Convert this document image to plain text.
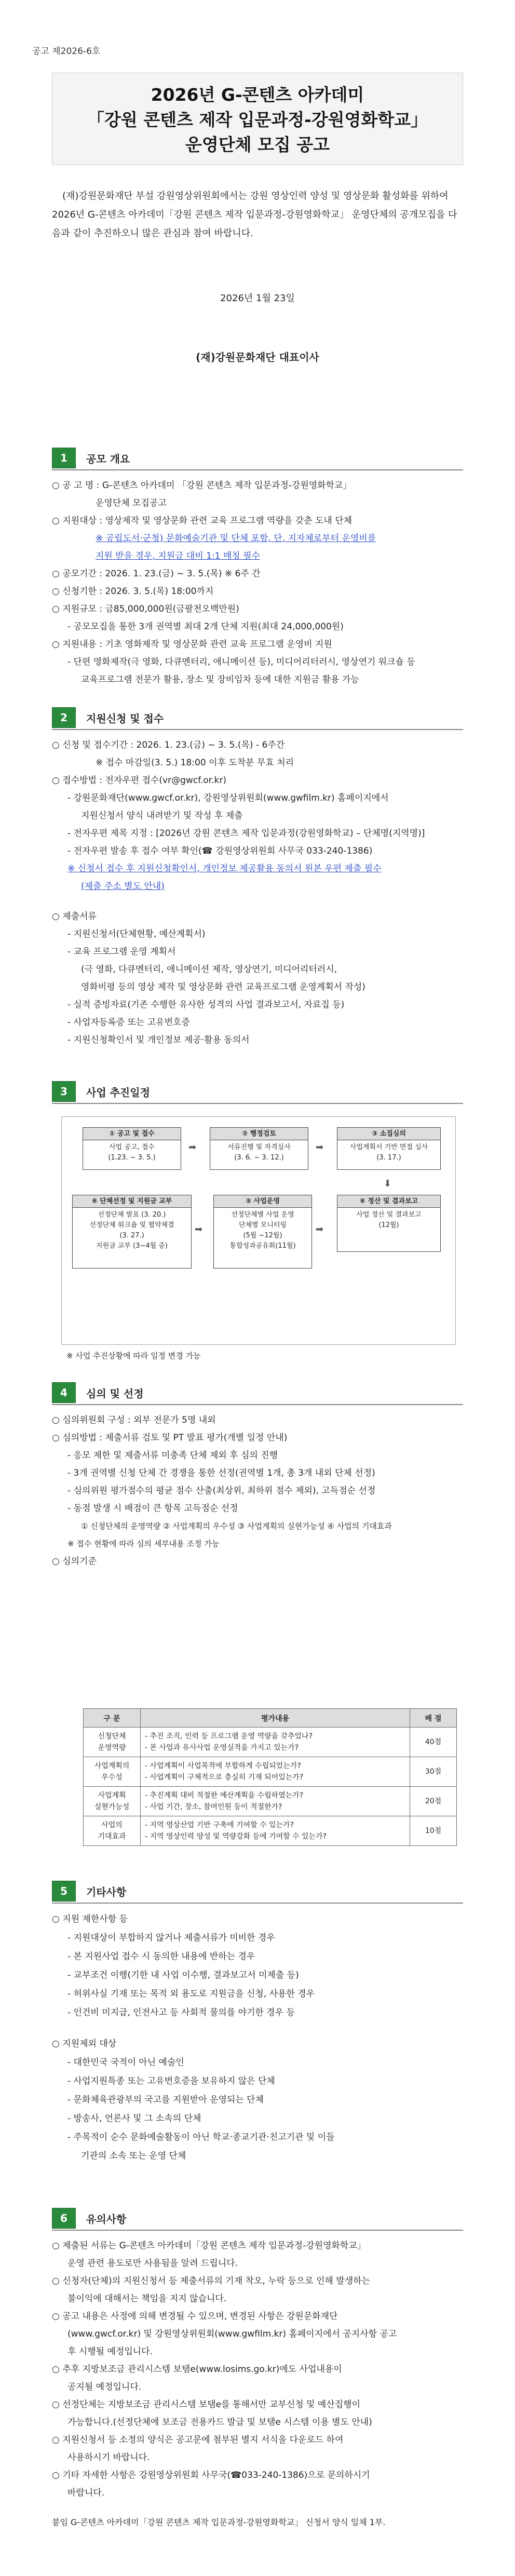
공고 제2026-6호
2026년 G-콘텐츠 아카데미
「강원 콘텐츠 제작 입문과정-강원영화학교」
운영단체 모집 공고
(재)강원문화재단 부설 강원영상위원회에서는 강원 영상인력 양성 및 영상문화 활성화를 위하여 2026년 G-콘텐츠 아카데미「강원 콘텐츠 제작 입문과정-강원영화학교」 운영단체의 공개모집을 다음과 같이 추진하오니 많은 관심과 참여 바랍니다.
2026년 1월 23일
(재)강원문화재단 대표이사
1	공모 개요
○ 공 고 명 : G-콘텐츠 아카데미 「강원 콘텐츠 제작 입문과정-강원영화학교」
운영단체 모집공고
○ 지원대상 : 영상제작 및 영상문화 관련 교육 프로그램 역량을 갖춘 도내 단체
※ 공립도서·군청) 문화예술기관 및 단체 포함, 단, 지자체로부터 운영비를
지원 받을 경우, 지원금 대비 1:1 매칭 필수
○ 공모기간 : 2026. 1. 23.(금) ~ 3. 5.(목) ※ 6주 간
○ 신청기한 : 2026. 3. 5.(목) 18:00까지
○ 지원규모 : 금85,000,000원(금팔천오백만원)
- 공모모집을 통한 3개 권역별 최대 2개 단체 지원(최대 24,000,000원)
○ 지원내용 : 기초 영화제작 및 영상문화 관련 교육 프로그램 운영비 지원
- 단편 영화제작(극 영화, 다큐멘터리, 애니메이션 등), 미디어리터러시, 영상연기 워크숍 등
교육프로그램 전문가 활용, 장소 및 장비임차 등에 대한 지원금 활용 가능
2	지원신청 및 접수
○ 신청 및 접수기간 : 2026. 1. 23.(금) ~ 3. 5.(목) - 6주간
※ 접수 마감일(3. 5.) 18:00 이후 도착분 무효 처리
○ 접수방법 : 전자우편 접수(vr@gwcf.or.kr)
- 강원문화재단(www.gwcf.or.kr), 강원영상위원회(www.gwfilm.kr) 홈페이지에서
지원신청서 양식 내려받기 및 작성 후 제출
- 전자우편 제목 지정 : [2026년 강원 콘텐츠 제작 입문과정(강원영화학교) – 단체명(지역명)]
- 전자우편 발송 후 접수 여부 확인(☎ 강원영상위원회 사무국 033-240-1386)
※ 신청서 접수 후 지원신청확인서, 개인정보 제공활용 동의서 원본 우편 제출 필수
(제출 주소 별도 안내)
○ 제출서류
- 지원신청서(단체현황, 예산계획서)
- 교육 프로그램 운영 계획서
(극 영화, 다큐멘터리, 애니메이션 제작, 영상연기, 미디어리터러시,
영화비평 등의 영상 제작 및 영상문화 관련 교육프로그램 운영계획서 작성)
- 실적 증빙자료(기존 수행한 유사한 성격의 사업 결과보고서, 자료집 등)
- 사업자등록증 또는 고유번호증
- 지원신청확인서 및 개인정보 제공·활용 동의서
3	사업 추진일정
① 공고 및 접수
사업 공고, 접수
(1.23. ~ 3. 5.)
➡
② 행정검토
서류진행 및 자격심사
(3. 6. ~ 3. 12.)
➡
③ 소집심의
사업계획서 기반 면접 심사
(3. 17.)
⬇
⑥ 단체선정 및 지원금 교부
선정단체 발표 (3. 20.)
선정단체 워크숍 및 협약체결
(3. 27.)
지원금 교부 (3~4월 중)
➡
⑤ 사업운영
선정단체별 사업 운영
단체별 모니터링
(5월 ~12월)
통합성과공유회(11월)
➡
⑥ 정산 및 결과보고
사업 정산 및 결과보고
(12월)
※ 사업 추진상황에 따라 일정 변경 가능
4	심의 및 선정
○ 심의위원회 구성 : 외부 전문가 5명 내외
○ 심의방법 : 제출서류 검토 및 PT 발표 평가(개별 일정 안내)
- 응모 제한 및 제출서류 미충족 단체 제외 후 심의 진행
- 3개 권역별 신청 단체 간 경쟁을 통한 선정(권역별 1개, 총 3개 내외 단체 선정)
- 심의위원 평가점수의 평균 점수 산출(최상위, 최하위 점수 제외), 고득점순 선정
- 동점 발생 시 배점이 큰 항목 고득점순 선정
① 신청단체의 운영역량 ② 사업계획의 우수성 ③ 사업계획의 실현가능성 ④ 사업의 기대효과
※ 접수 현황에 따라 심의 세부내용 조정 가능
○ 심의기준
구 분	평가내용	배 점
신청단체
운영역량	- 추진 조직, 인력 등 프로그램 운영 역량을 갖추었나?
- 본 사업과 유사사업 운영실적을 가지고 있는가?	40점
사업계획의
우수성	- 사업계획이 사업목적에 부합하게 수립되었는가?
- 사업계획이 구체적으로 충실히 기재 되어있는가?	30점
사업계획
실현가능성	- 추진계획 대비 적절한 예산계획을 수립하였는가?
- 사업 기간, 장소, 참여인원 등이 적절한가?	20점
사업의
기대효과	- 지역 영상산업 기반 구축에 기여할 수 있는가?
- 지역 영상인력 양성 및 역량강화 등에 기여할 수 있는가?	10점
5	기타사항
○ 지원 제한사항 등
- 지원대상이 부합하지 않거나 제출서류가 미비한 경우
- 본 지원사업 접수 시 동의한 내용에 반하는 경우
- 교부조건 이행(기한 내 사업 이수행, 결과보고서 미제출 등)
- 허위사실 기재 또는 목적 외 용도로 지원금을 신청, 사용한 경우
- 인건비 미지급, 인전사고 등 사회적 물의를 야기한 경우 등
○ 지원제외 대상
- 대한민국 국적이 아닌 예술인
- 사업지원특종 또는 고유번호증을 보유하지 않은 단체
- 문화체육관광부의 국고를 지원받아 운영되는 단체
- 방송사, 언론사 및 그 소속의 단체
- 주목적이 순수 문화예술활동이 아닌 학교·종교기관·친고기관 및 이들
기관의 소속 또는 운영 단체
6	유의사항
○ 제출된 서류는 G-콘텐츠 아카데미「강원 콘텐츠 제작 입문과정-강원영화학교」
운영 관련 용도로만 사용됨을 알려 드립니다.
○ 신청자(단체)의 지원신청서 등 제출서류의 기재 착오, 누락 등으로 인해 발생하는
불이익에 대해서는 책임을 지지 않습니다.
○ 공고 내용은 사정에 의해 변경될 수 있으며, 변경된 사항은 강원문화재단
(www.gwcf.or.kr) 및 강원영상위원회(www.gwfilm.kr) 홈페이지에서 공지사항 공고
후 시행될 예정입니다.
○ 추후 지방보조금 관리시스템 보탬e(www.losims.go.kr)에도 사업내용이
공지될 예정입니다.
○ 선정단체는 지방보조금 관리시스템 보탬e를 통해서만 교부신청 및 예산집행이
가능합니다.(선정단체에 보조금 전용카드 발급 및 보탬e 시스템 이용 별도 안내)
○ 지원신청서 등 소정의 양식은 공고문에 첨부된 별지 서식을 다운로드 하여
사용하시기 바랍니다.
○ 기타 자세한 사항은 강원영상위원회 사무국(☎033-240-1386)으로 문의하시기
바랍니다.
붙임 G-콘텐츠 아카데미「강원 콘텐츠 제작 입문과정-강원영화학교」 신청서 양식 일체 1부.
